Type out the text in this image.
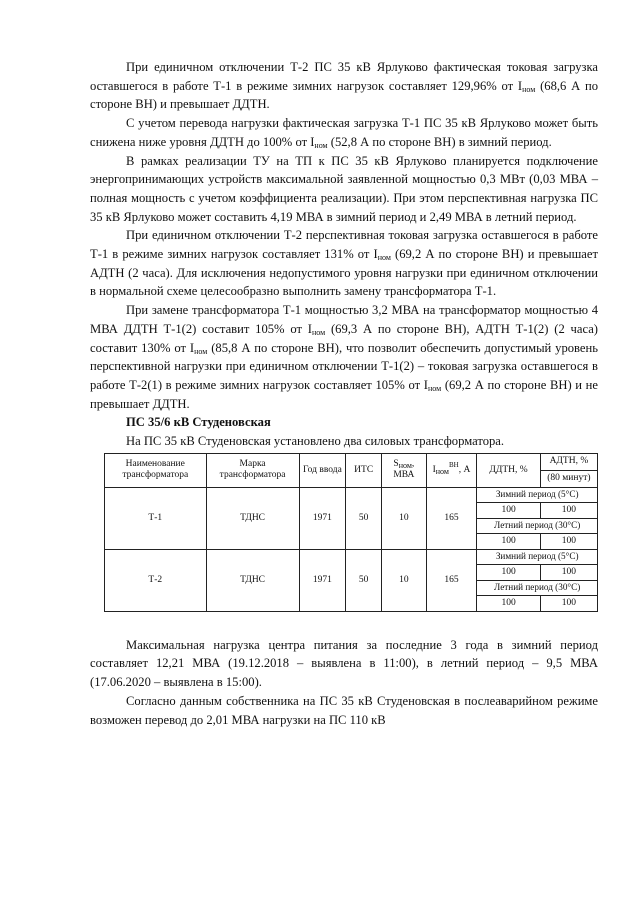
При единичном отключении Т-2 ПС 35 кВ Ярлуково фактическая токовая загрузка оставшегося в работе Т-1 в режиме зимних нагрузок составляет 129,96% от $I_{ном}$ (68,6 А по стороне ВН) и превышает ДДТН.

С учетом перевода нагрузки фактическая загрузка Т-1 ПС 35 кВ Ярлуково может быть снижена ниже уровня ДДТН до 100% от $I_{ном}$ (52,8 А по стороне ВН) в зимний период.

В рамках реализации ТУ на ТП к ПС 35 кВ Ярлуково планируется подключение энергопринимающих устройств максимальной заявленной мощностью 0,3 МВт (0,03 МВА – полная мощность с учетом коэффициента реализации). При этом перспективная нагрузка ПС 35 кВ Ярлуково может составить 4,19 МВА в зимний период и 2,49 МВА в летний период.

При единичном отключении Т-2 перспективная токовая загрузка оставшегося в работе Т-1 в режиме зимних нагрузок составляет 131% от $I_{ном}$ (69,2 А по стороне ВН) и превышает АДТН (2 часа). Для исключения недопустимого уровня нагрузки при единичном отключении в нормальной схеме целесообразно выполнить замену трансформатора Т-1.

При замене трансформатора Т-1 мощностью 3,2 МВА на трансформатор мощностью 4 МВА ДДТН Т-1(2) составит 105% от $I_{ном}$ (69,3 А по стороне ВН), АДТН Т-1(2) (2 часа) составит 130% от $I_{ном}$ (85,8 А по стороне ВН), что позволит обеспечить допустимый уровень перспективной нагрузки при единичном отключении Т-1(2) – токовая загрузка оставшегося в работе Т-2(1) в режиме зимних нагрузок составляет 105% от $I_{ном}$ (69,2 А по стороне ВН) и не превышает ДДТН.

ПС 35/6 кВ Студеновская

На ПС 35 кВ Студеновская установлено два силовых трансформатора.

Наименование трансформатора	Марка трансформатора	Год ввода	ИТС	$S_{ном}$, МВА	$I_{ном}^{ВН}$, А	ДДТН, %	АДТН, %
							(80 минут)
Т-1	ТДНС	1971	50	10	165	Зимний период (5°С)	
						100	100
						Летний период (30°С)	
						100	100
Т-2	ТДНС	1971	50	10	165	Зимний период (5°С)	
						100	100
						Летний период (30°С)	
						100	100

Максимальная нагрузка центра питания за последние 3 года в зимний период составляет 12,21 МВА (19.12.2018 – выявлена в 11:00), в летний период – 9,5 МВА (17.06.2020 – выявлена в 15:00).

Согласно данным собственника на ПС 35 кВ Студеновская в послеаварийном режиме возможен перевод до 2,01 МВА нагрузки на ПС 110 кВ
